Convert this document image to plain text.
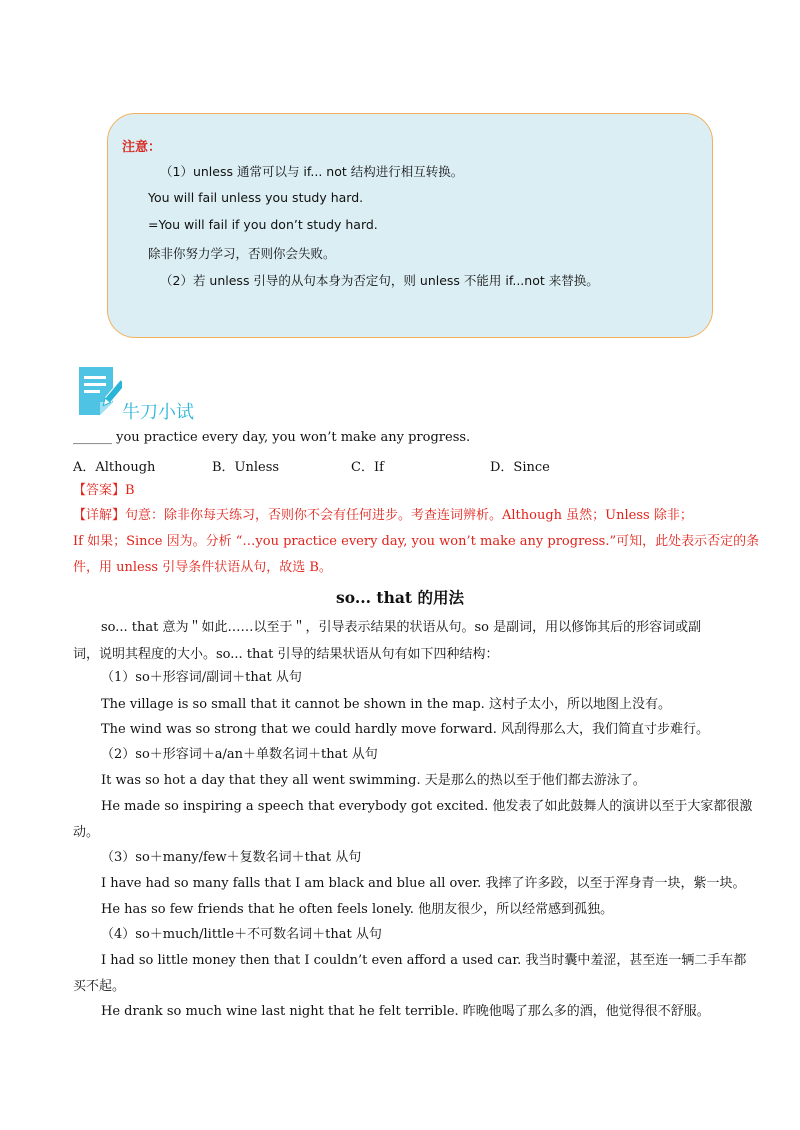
注意：
（1）unless 通常可以与 if... not 结构进行相互转换。
You will fail unless you study hard.
=You will fail if you don’t study hard.
除非你努力学习，否则你会失败。
（2）若 unless 引导的从句本身为否定句，则 unless 不能用 if...not 来替换。
牛刀小试
______ you practice every day, you won’t make any progress.
A．Although	B．Unless	C．If	D．Since
【答案】B
【详解】句意：除非你每天练习，否则你不会有任何进步。考查连词辨析。Although 虽然；Unless 除非；
If 如果；Since 因为。分析 “…you practice every day, you won’t make any progress.”可知，此处表示否定的条
件，用 unless 引导条件状语从句，故选 B。
so... that 的用法
so... that 意为＂如此……以至于＂，引导表示结果的状语从句。so 是副词，用以修饰其后的形容词或副
词，说明其程度的大小。so... that 引导的结果状语从句有如下四种结构：
（1）so＋形容词/副词＋that 从句
The village is so small that it cannot be shown in the map. 这村子太小，所以地图上没有。
The wind was so strong that we could hardly move forward. 风刮得那么大，我们简直寸步难行。
（2）so＋形容词＋a/an＋单数名词＋that 从句
It was so hot a day that they all went swimming. 天是那么的热以至于他们都去游泳了。
He made so inspiring a speech that everybody got excited. 他发表了如此鼓舞人的演讲以至于大家都很激
动。
（3）so＋many/few＋复数名词＋that 从句
I have had so many falls that I am black and blue all over. 我摔了许多跤，以至于浑身青一块，紫一块。
He has so few friends that he often feels lonely. 他朋友很少，所以经常感到孤独。
（4）so＋much/little＋不可数名词＋that 从句
I had so little money then that I couldn’t even afford a used car. 我当时囊中羞涩，甚至连一辆二手车都
买不起。
He drank so much wine last night that he felt terrible. 昨晚他喝了那么多的酒，他觉得很不舒服。
